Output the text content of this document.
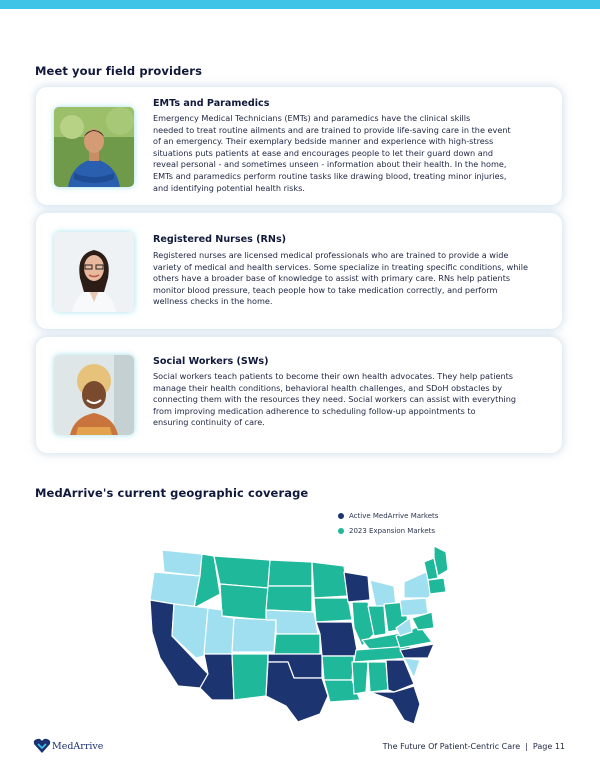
Meet your field providers
EMTs and Paramedics
Emergency Medical Technicians (EMTs) and paramedics have the clinical skills
needed to treat routine ailments and are trained to provide life-saving care in the event
of an emergency. Their exemplary bedside manner and experience with high-stress
situations puts patients at ease and encourages people to let their guard down and
reveal personal - and sometimes unseen - information about their health. In the home,
EMTs and paramedics perform routine tasks like drawing blood, treating minor injuries,
and identifying potential health risks.
Registered Nurses (RNs)
Registered nurses are licensed medical professionals who are trained to provide a wide
variety of medical and health services. Some specialize in treating specific conditions, while
others have a broader base of knowledge to assist with primary care. RNs help patients
monitor blood pressure, teach people how to take medication correctly, and perform
wellness checks in the home.
Social Workers (SWs)
Social workers teach patients to become their own health advocates. They help patients
manage their health conditions, behavioral health challenges, and SDoH obstacles by
connecting them with the resources they need. Social workers can assist with everything
from improving medication adherence to scheduling follow-up appointments to
ensuring continuity of care.
MedArrive's current geographic coverage
Active MedArrive Markets
2023 Expansion Markets
MedArrive	The Future Of Patient-Centric Care | Page 11
